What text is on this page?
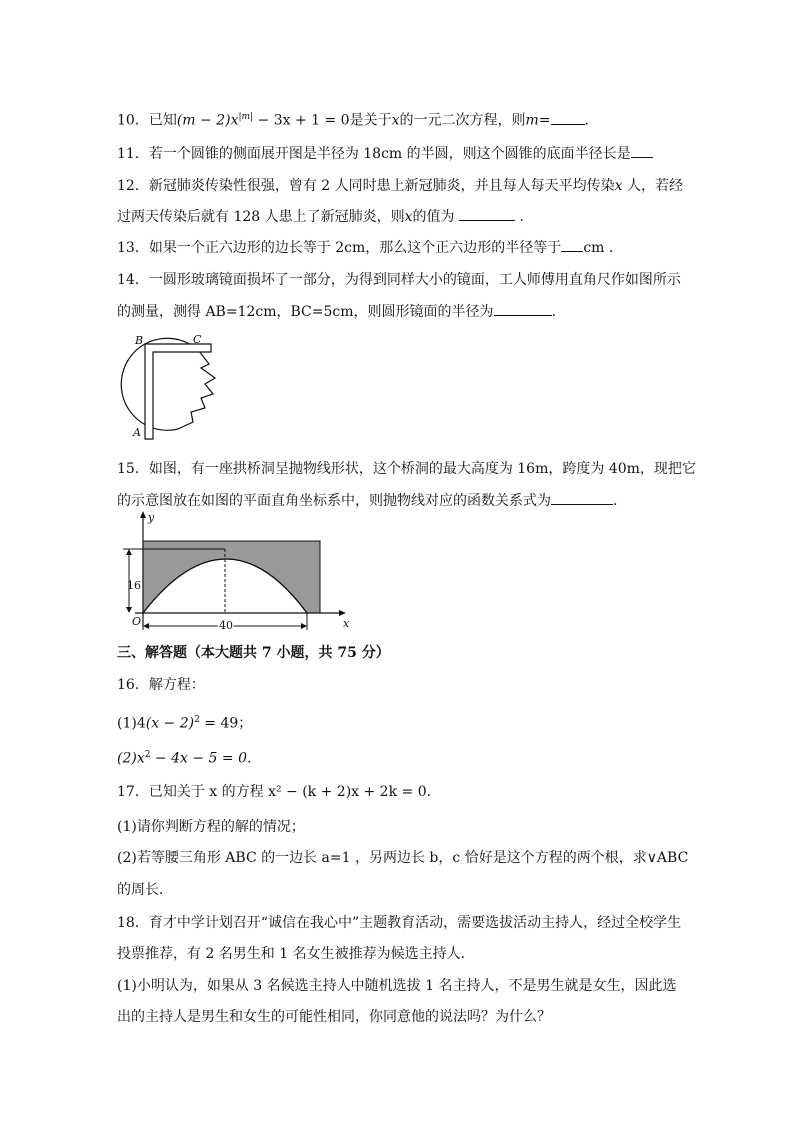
10．已知$(m - 2)x^{|m|} - 3x + 1 = 0$是关于x的一元二次方程，则m= .
11．若一个圆锥的侧面展开图是半径为 18cm 的半圆，则这个圆锥的底面半径长是
12．新冠肺炎传染性很强，曾有 2 人同时患上新冠肺炎，并且每人每天平均传染x 人，若经
过两天传染后就有 128 人患上了新冠肺炎，则x的值为	.
13．如果一个正六边形的边长等于 2cm，那么这个正六边形的半径等于 cm .
14．一圆形玻璃镜面损坏了一部分，为得到同样大小的镜面，工人师傅用直角尺作如图所示
的测量，测得 AB=12cm，BC=5cm，则圆形镜面的半径为	.
B	C
A
15．如图，有一座拱桥洞呈抛物线形状，这个桥洞的最大高度为 16m，跨度为 40m，现把它
的示意图放在如图的平面直角坐标系中，则抛物线对应的函数关系式为	.
y
x
O
16
40
三、解答题（本大题共 7 小题，共 75 分）
16．解方程：
$(1)4(x - 2)^2 = 49$；
$(2)x^2 - 4x - 5 = 0$．
17．已知关于 x 的方程 x² − (k + 2)x + 2k = 0．
(1)请你判断方程的解的情况；
(2)若等腰三角形 ABC 的一边长 a=1 ，另两边长 b，c 恰好是这个方程的两个根，求∨ABC
的周长．
18．育才中学计划召开“诚信在我心中”主题教育活动，需要选拔活动主持人，经过全校学生
投票推荐，有 2 名男生和 1 名女生被推荐为候选主持人．
(1)小明认为，如果从 3 名候选主持人中随机选拔 1 名主持人，不是男生就是女生，因此选
出的主持人是男生和女生的可能性相同，你同意他的说法吗？为什么？
